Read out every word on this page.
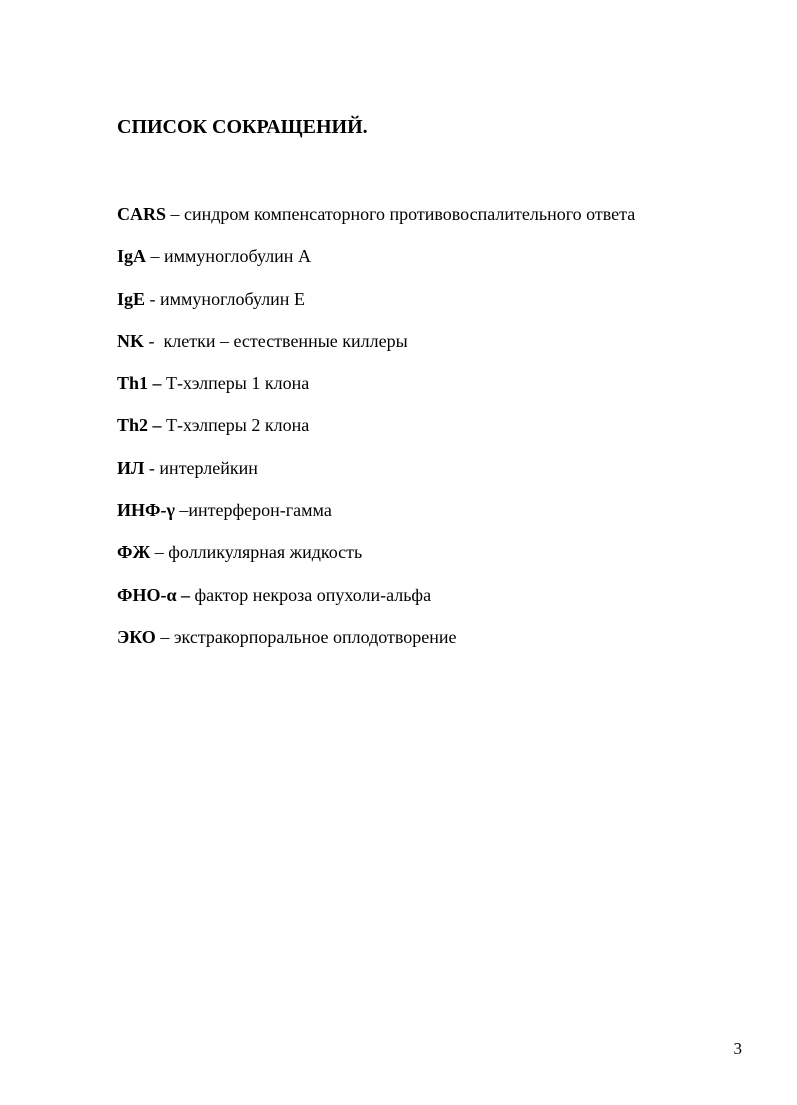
СПИСОК СОКРАЩЕНИЙ.
CARS – синдром компенсаторного противовоспалительного ответа
IgA – иммуноглобулин А
IgE - иммуноглобулин Е
NK -  клетки – естественные киллеры
Th1 – Т-хэлперы 1 клона
Th2 – Т-хэлперы 2 клона
ИЛ - интерлейкин
ИНФ-γ –интерферон-гамма
ФЖ – фолликулярная жидкость
ФНО-α – фактор некроза опухоли-альфа
ЭКО – экстракорпоральное оплодотворение
3
